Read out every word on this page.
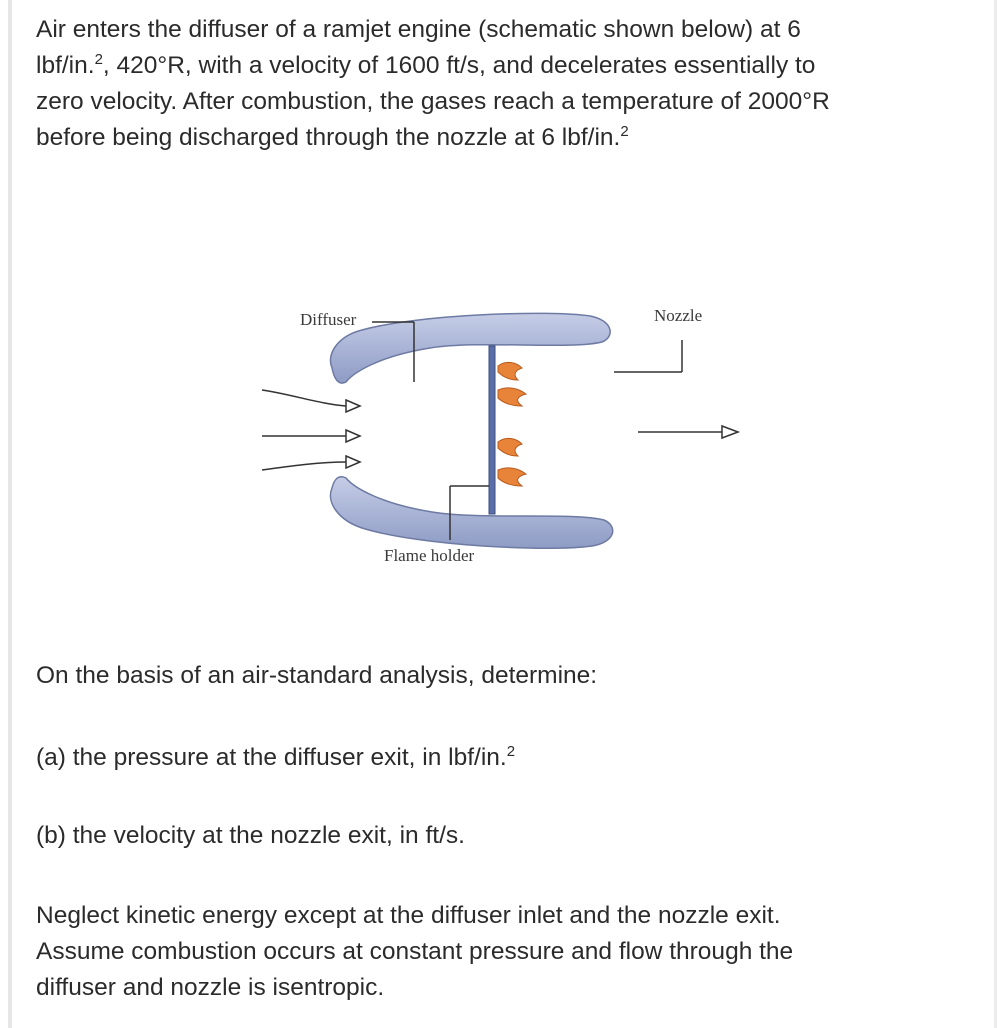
Air enters the diffuser of a ramjet engine (schematic shown below) at 6
lbf/in.$^2$, 420°R, with a velocity of 1600 ft/s, and decelerates essentially to
zero velocity. After combustion, the gases reach a temperature of 2000°R
before being discharged through the nozzle at 6 lbf/in.$^2$

Diffuser	Nozzle
Flame holder

On the basis of an air-standard analysis, determine:

(a) the pressure at the diffuser exit, in lbf/in.$^2$

(b) the velocity at the nozzle exit, in ft/s.

Neglect kinetic energy except at the diffuser inlet and the nozzle exit.
Assume combustion occurs at constant pressure and flow through the
diffuser and nozzle is isentropic.
